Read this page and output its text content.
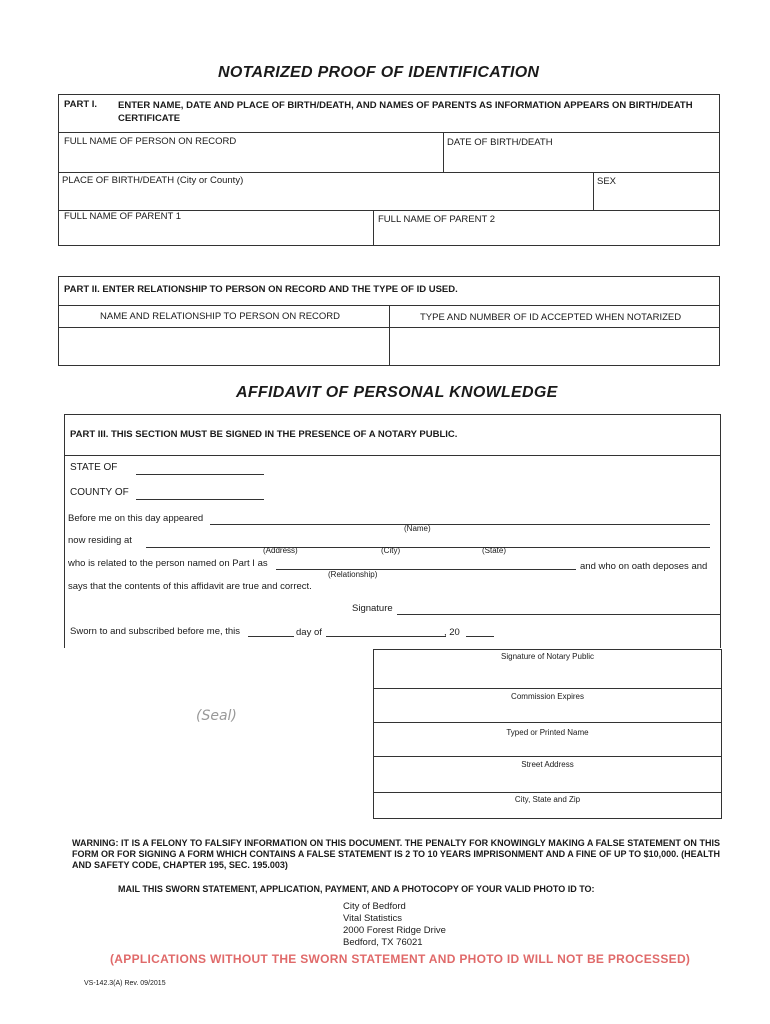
NOTARIZED PROOF OF IDENTIFICATION
PART I. ENTER NAME, DATE AND PLACE OF BIRTH/DEATH, AND NAMES OF PARENTS AS INFORMATION APPEARS ON BIRTH/DEATH CERTIFICATE
FULL NAME OF PERSON ON RECORD	DATE OF BIRTH/DEATH
PLACE OF BIRTH/DEATH (City or County)	SEX
FULL NAME OF PARENT 1	FULL NAME OF PARENT 2
PART II. ENTER RELATIONSHIP TO PERSON ON RECORD AND THE TYPE OF ID USED.
NAME AND RELATIONSHIP TO PERSON ON RECORD	TYPE AND NUMBER OF ID ACCEPTED WHEN NOTARIZED
AFFIDAVIT OF PERSONAL KNOWLEDGE
PART III. THIS SECTION MUST BE SIGNED IN THE PRESENCE OF A NOTARY PUBLIC.
STATE OF
COUNTY OF
Before me on this day appeared
(Name)
now residing at
(Address)	(City)	(State)
who is related to the person named on Part I as	and who on oath deposes and
(Relationship)
says that the contents of this affidavit are true and correct.
Signature
Sworn to and subscribed before me, this	day of	, 20
Signature of Notary Public
Commission Expires
Typed or Printed Name
Street Address
City, State and Zip
(Seal)
WARNING: IT IS A FELONY TO FALSIFY INFORMATION ON THIS DOCUMENT. THE PENALTY FOR KNOWINGLY MAKING A FALSE STATEMENT ON THIS FORM OR FOR SIGNING A FORM WHICH CONTAINS A FALSE STATEMENT IS 2 TO 10 YEARS IMPRISONMENT AND A FINE OF UP TO $10,000. (HEALTH AND SAFETY CODE, CHAPTER 195, SEC. 195.003)
MAIL THIS SWORN STATEMENT, APPLICATION, PAYMENT, AND A PHOTOCOPY OF YOUR VALID PHOTO ID TO:
City of Bedford
Vital Statistics
2000 Forest Ridge Drive
Bedford, TX 76021
(APPLICATIONS WITHOUT THE SWORN STATEMENT AND PHOTO ID WILL NOT BE PROCESSED)
VS-142.3(A) Rev. 09/2015
